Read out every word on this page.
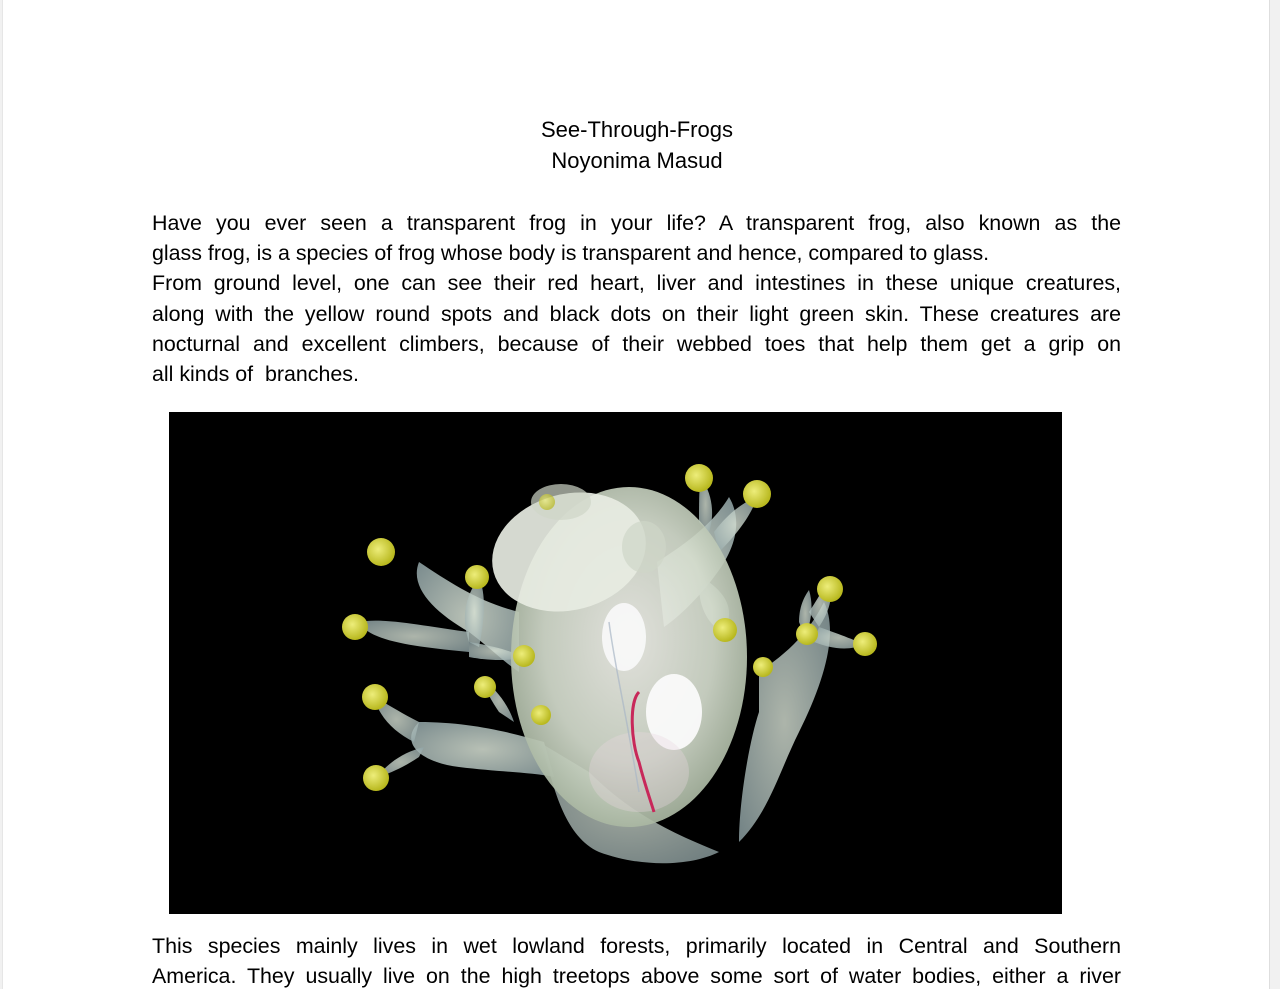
See-Through-Frogs
Noyonima Masud
Have you ever seen a transparent frog in your life? A transparent frog, also known as the
glass frog, is a species of frog whose body is transparent and hence, compared to glass.
From ground level, one can see their red heart, liver and intestines in these unique creatures,
along with the yellow round spots and black dots on their light green skin. These creatures are
nocturnal and excellent climbers, because of their webbed toes that help them get a grip on
all kinds of  branches.
This species mainly lives in wet lowland forests, primarily located in Central and Southern
America. They usually live on the high treetops above some sort of water bodies, either a river
